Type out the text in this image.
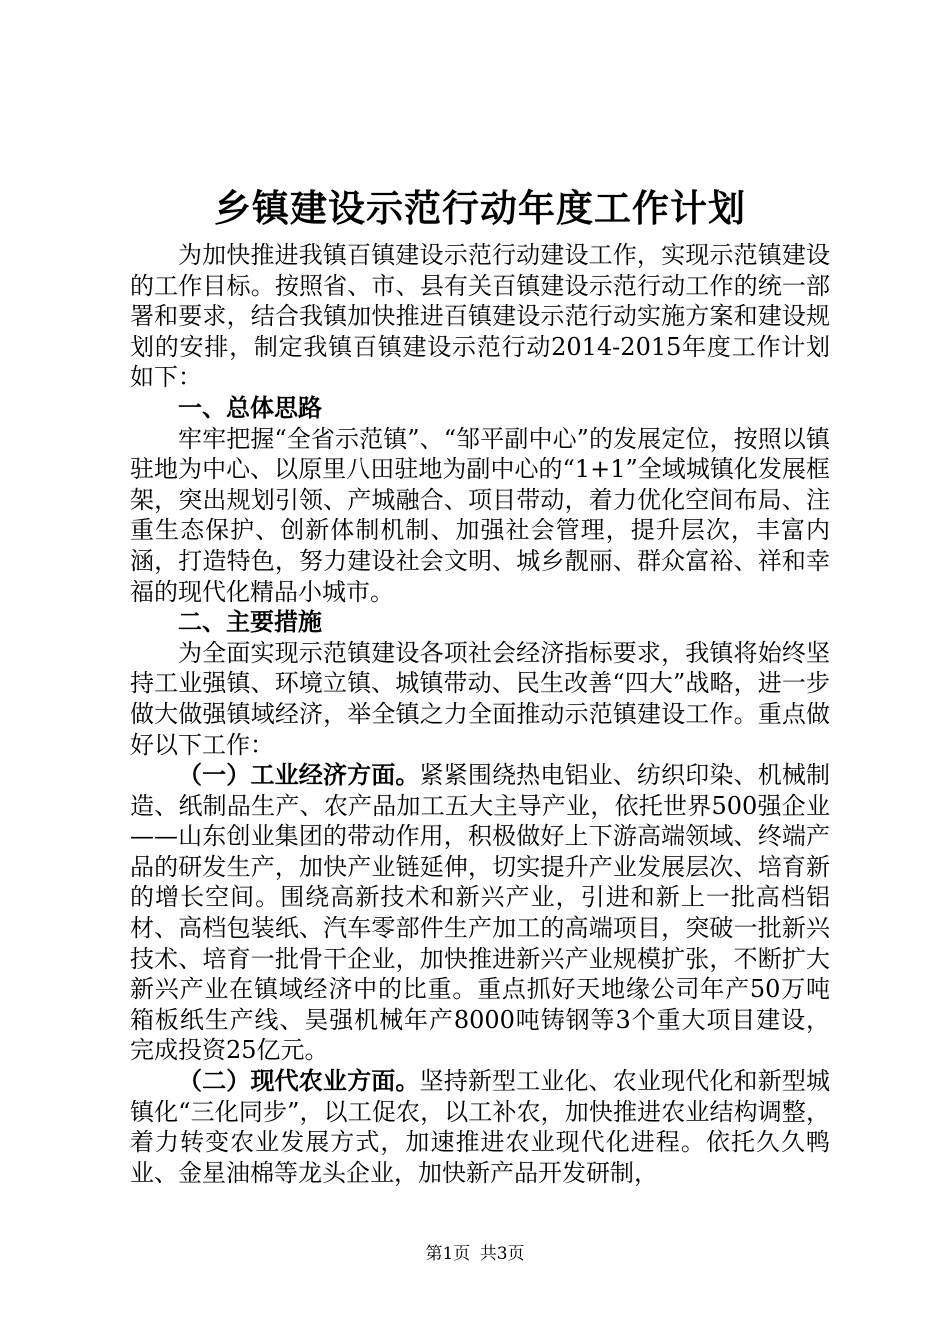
乡镇建设示范行动年度工作计划

为加快推进我镇百镇建设示范行动建设工作，实现示范镇建设的工作目标。按照省、市、县有关百镇建设示范行动工作的统一部署和要求，结合我镇加快推进百镇建设示范行动实施方案和建设规划的安排，制定我镇百镇建设示范行动2014-2015年度工作计划如下：

一、总体思路

牢牢把握“全省示范镇”、“邹平副中心”的发展定位，按照以镇驻地为中心、以原里八田驻地为副中心的“1+1”全域城镇化发展框架，突出规划引领、产城融合、项目带动，着力优化空间布局、注重生态保护、创新体制机制、加强社会管理，提升层次，丰富内涵，打造特色，努力建设社会文明、城乡靓丽、群众富裕、祥和幸福的现代化精品小城市。

二、主要措施

为全面实现示范镇建设各项社会经济指标要求，我镇将始终坚持工业强镇、环境立镇、城镇带动、民生改善“四大”战略，进一步做大做强镇域经济，举全镇之力全面推动示范镇建设工作。重点做好以下工作：

（一）工业经济方面。紧紧围绕热电铝业、纺织印染、机械制造、纸制品生产、农产品加工五大主导产业，依托世界500强企业——山东创业集团的带动作用，积极做好上下游高端领域、终端产品的研发生产，加快产业链延伸，切实提升产业发展层次、培育新的增长空间。围绕高新技术和新兴产业，引进和新上一批高档铝材、高档包装纸、汽车零部件生产加工的高端项目，突破一批新兴技术、培育一批骨干企业，加快推进新兴产业规模扩张，不断扩大新兴产业在镇域经济中的比重。重点抓好天地缘公司年产50万吨箱板纸生产线、昊强机械年产8000吨铸钢等3个重大项目建设，完成投资25亿元。

（二）现代农业方面。坚持新型工业化、农业现代化和新型城镇化“三化同步”，以工促农，以工补农，加快推进农业结构调整，着力转变农业发展方式，加速推进农业现代化进程。依托久久鸭业、金星油棉等龙头企业，加快新产品开发研制，

第1页 共3页
